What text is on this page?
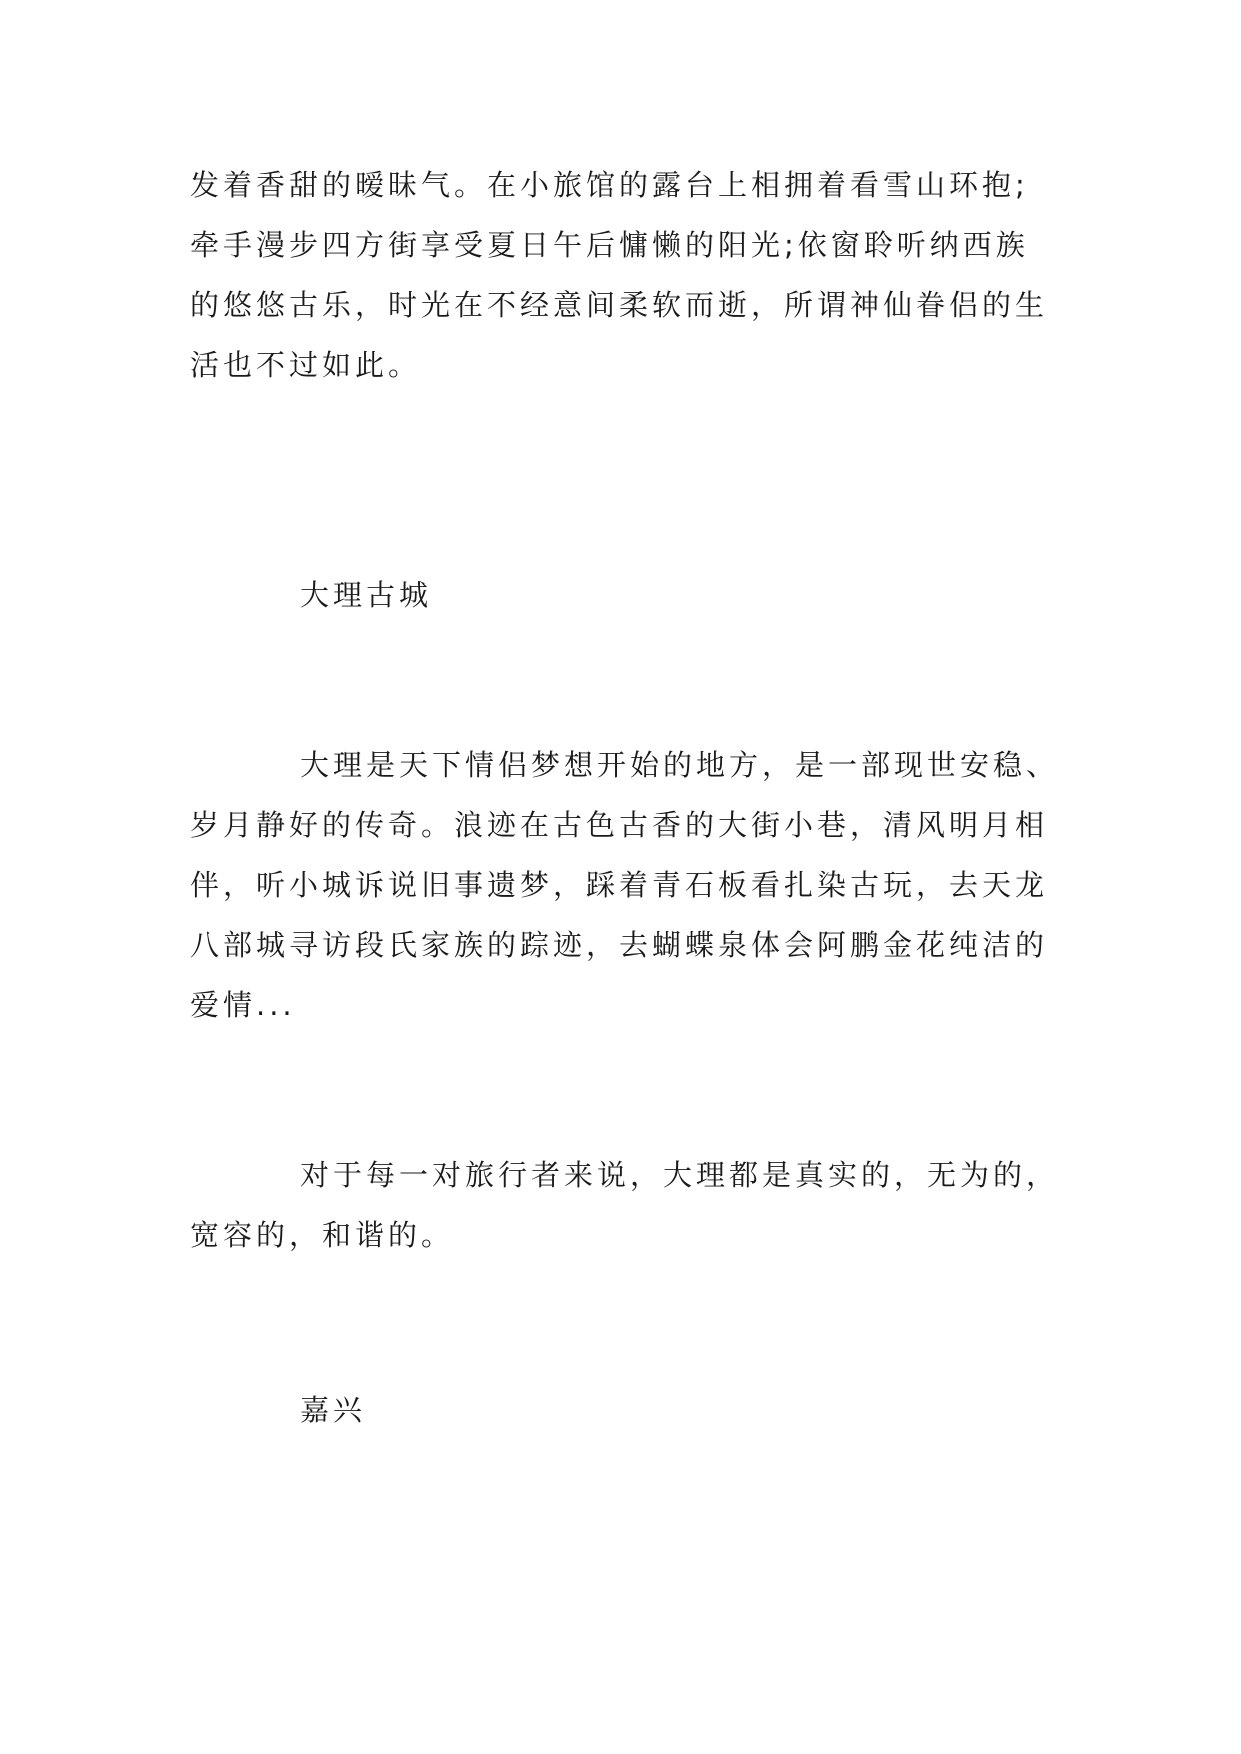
发着香甜的暧昧气。在小旅馆的露台上相拥着看雪山环抱;
牵手漫步四方街享受夏日午后慵懒的阳光;依窗聆听纳西族
的悠悠古乐，时光在不经意间柔软而逝，所谓神仙眷侣的生
活也不过如此。

大理古城

大理是天下情侣梦想开始的地方，是一部现世安稳、
岁月静好的传奇。浪迹在古色古香的大街小巷，清风明月相
伴，听小城诉说旧事遗梦，踩着青石板看扎染古玩，去天龙
八部城寻访段氏家族的踪迹，去蝴蝶泉体会阿鹏金花纯洁的
爱情...

对于每一对旅行者来说，大理都是真实的，无为的，
宽容的，和谐的。

嘉兴
